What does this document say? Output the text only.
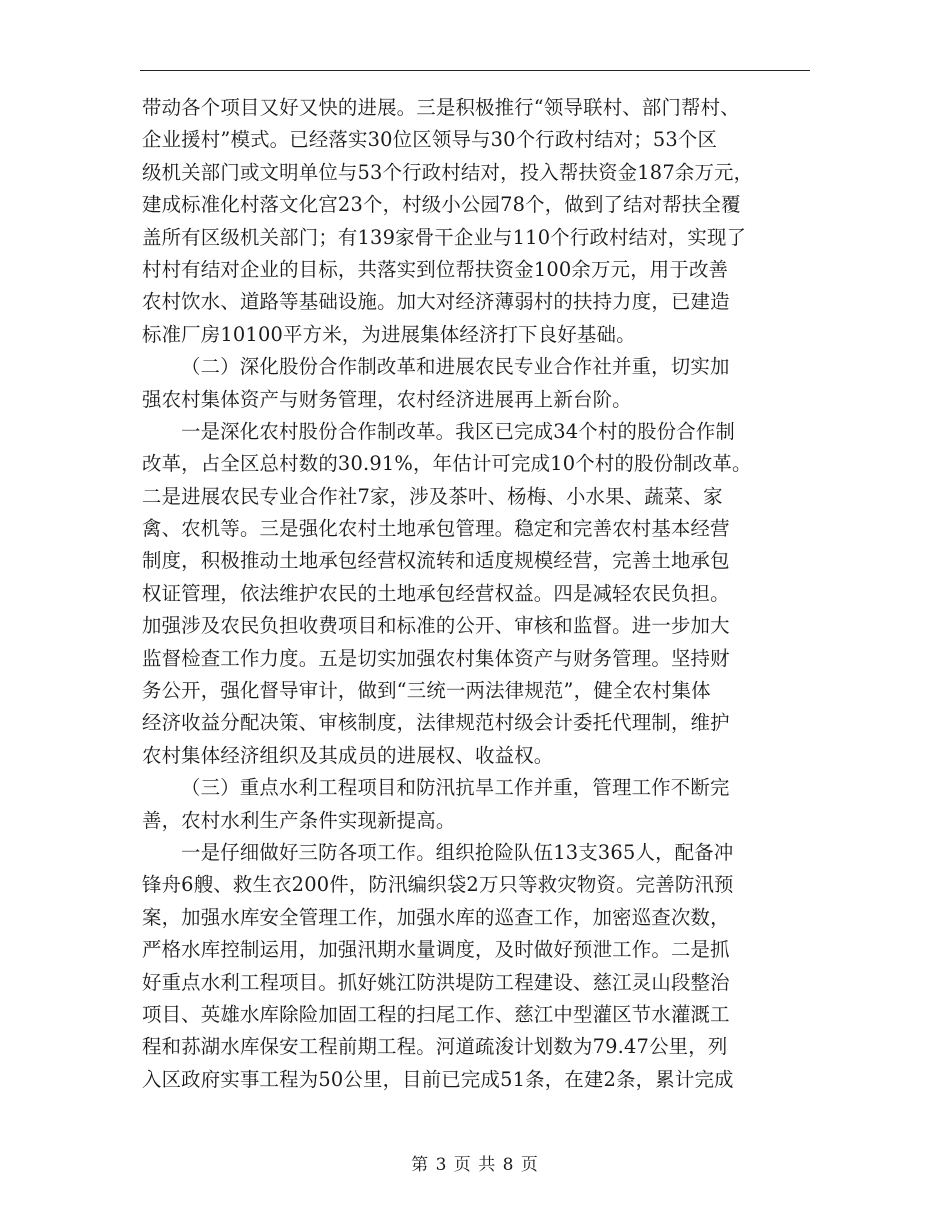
带动各个项目又好又快的进展。三是积极推行“领导联村、部门帮村、
企业援村”模式。已经落实30位区领导与30个行政村结对；53个区
级机关部门或文明单位与53个行政村结对，投入帮扶资金187余万元，
建成标准化村落文化宫23个，村级小公园78个，做到了结对帮扶全覆
盖所有区级机关部门；有139家骨干企业与110个行政村结对，实现了
村村有结对企业的目标，共落实到位帮扶资金100余万元，用于改善
农村饮水、道路等基础设施。加大对经济薄弱村的扶持力度，已建造
标准厂房10100平方米，为进展集体经济打下良好基础。
（二）深化股份合作制改革和进展农民专业合作社并重，切实加
强农村集体资产与财务管理，农村经济进展再上新台阶。
一是深化农村股份合作制改革。我区已完成34个村的股份合作制
改革，占全区总村数的30.91%，年估计可完成10个村的股份制改革。
二是进展农民专业合作社7家，涉及茶叶、杨梅、小水果、蔬菜、家
禽、农机等。三是强化农村土地承包管理。稳定和完善农村基本经营
制度，积极推动土地承包经营权流转和适度规模经营，完善土地承包
权证管理，依法维护农民的土地承包经营权益。四是减轻农民负担。
加强涉及农民负担收费项目和标准的公开、审核和监督。进一步加大
监督检查工作力度。五是切实加强农村集体资产与财务管理。坚持财
务公开，强化督导审计，做到“三统一两法律规范”，健全农村集体
经济收益分配决策、审核制度，法律规范村级会计委托代理制，维护
农村集体经济组织及其成员的进展权、收益权。
（三）重点水利工程项目和防汛抗旱工作并重，管理工作不断完
善，农村水利生产条件实现新提高。
一是仔细做好三防各项工作。组织抢险队伍13支365人，配备冲
锋舟6艘、救生衣200件，防汛编织袋2万只等救灾物资。完善防汛预
案，加强水库安全管理工作，加强水库的巡查工作，加密巡查次数，
严格水库控制运用，加强汛期水量调度，及时做好预泄工作。二是抓
好重点水利工程项目。抓好姚江防洪堤防工程建设、慈江灵山段整治
项目、英雄水库除险加固工程的扫尾工作、慈江中型灌区节水灌溉工
程和荪湖水库保安工程前期工程。河道疏浚计划数为79.47公里，列
入区政府实事工程为50公里，目前已完成51条，在建2条，累计完成
第 3 页 共 8 页
